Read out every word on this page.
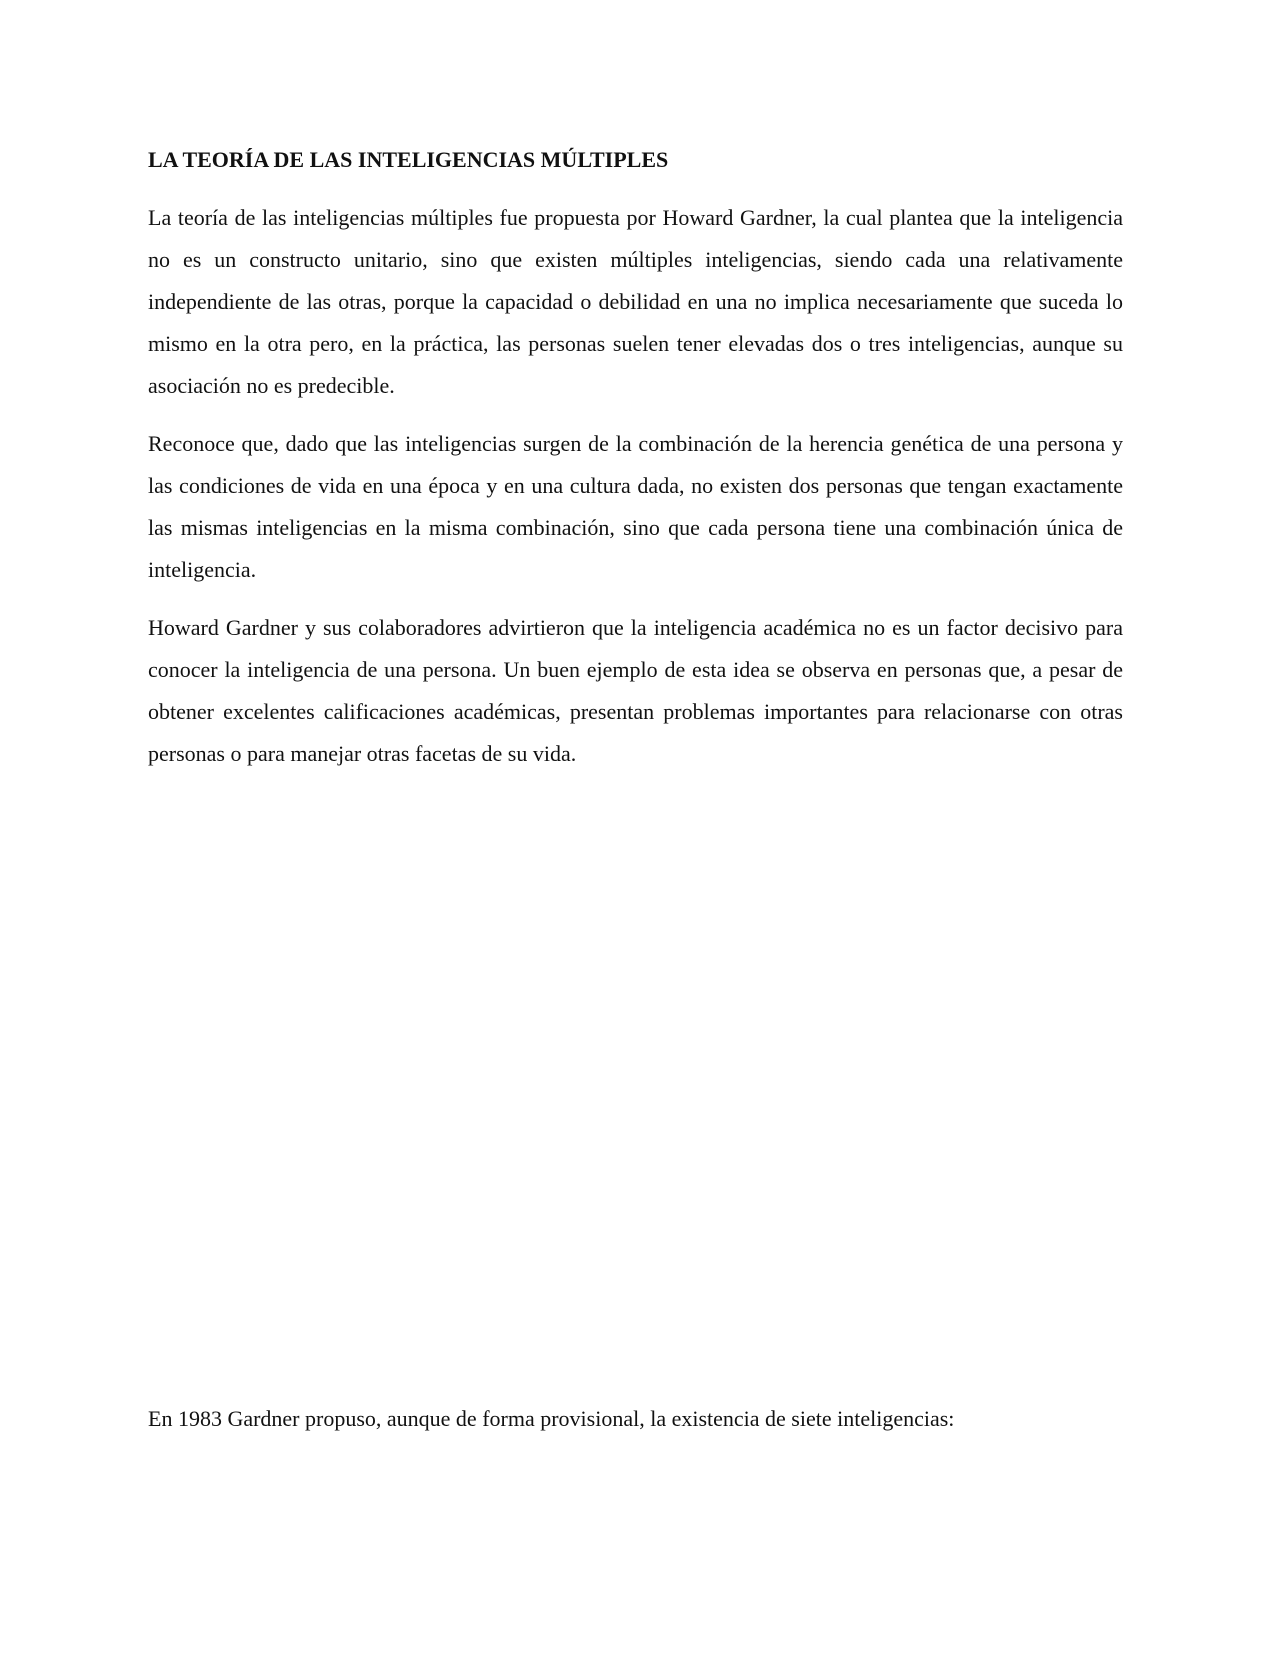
LA TEORÍA DE LAS INTELIGENCIAS MÚLTIPLES

La teoría de las inteligencias múltiples fue propuesta por Howard Gardner, la cual plantea que la inteligencia no es un constructo unitario, sino que existen múltiples inteligencias, siendo cada una relativamente independiente de las otras, porque la capacidad o debilidad en una no implica necesariamente que suceda lo mismo en la otra pero, en la práctica, las personas suelen tener elevadas dos o tres inteligencias, aunque su asociación no es predecible.

Reconoce que, dado que las inteligencias surgen de la combinación de la herencia genética de una persona y las condiciones de vida en una época y en una cultura dada, no existen dos personas que tengan exactamente las mismas inteligencias en la misma combinación, sino que cada persona tiene una combinación única de inteligencia.

Howard Gardner y sus colaboradores advirtieron que la inteligencia académica no es un factor decisivo para conocer la inteligencia de una persona. Un buen ejemplo de esta idea se observa en personas que, a pesar de obtener excelentes calificaciones académicas, presentan problemas importantes para relacionarse con otras personas o para manejar otras facetas de su vida.

En 1983 Gardner propuso, aunque de forma provisional, la existencia de siete inteligencias:
